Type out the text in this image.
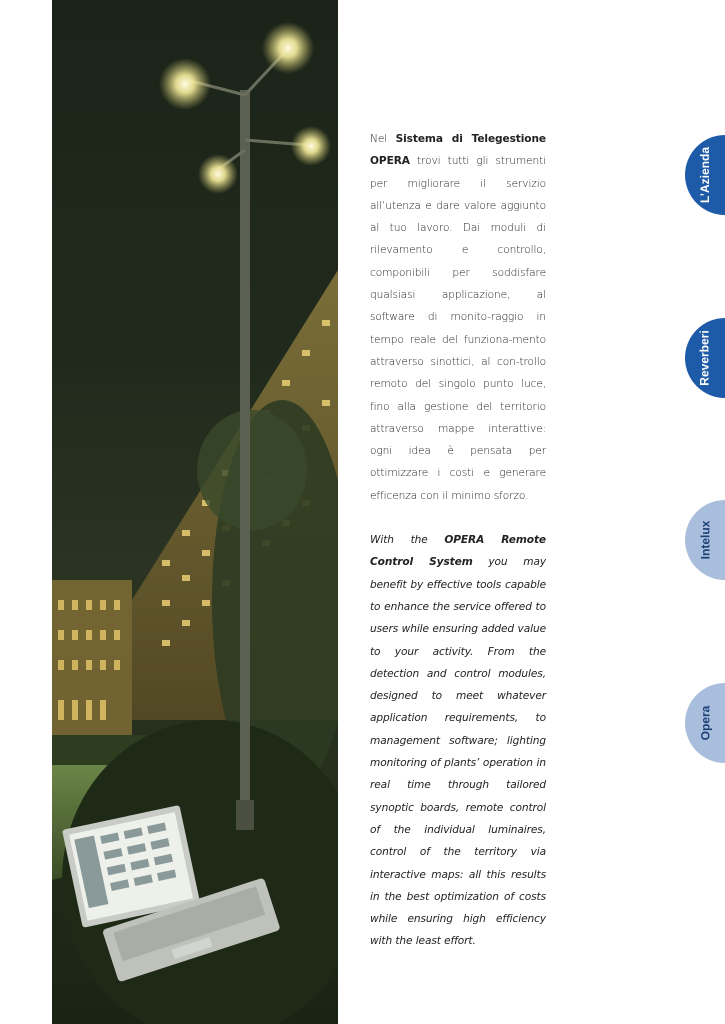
Nel Sistema di Telegestione OPERA trovi tutti gli strumenti per migliorare il servizio all’utenza e dare valore aggiunto al tuo lavoro. Dai moduli di rilevamento e controllo, componibili per soddisfare qualsiasi applicazione, al software di monito-raggio in tempo reale del funziona-mento attraverso sinottici, al con-trollo remoto del singolo punto luce, fino alla gestione del territorio attraverso mappe interattive: ogni idea è pensata per ottimizzare i costi e generare efficenza con il minimo sforzo.

With the OPERA Remote Control System you may benefit by effective tools capable to enhance the service offered to users while ensuring added value to your activity. From the detection and control modules, designed to meet whatever application requirements, to management software; lighting monitoring of plants’ operation in real time through tailored synoptic boards, remote control of the individual luminaires, control of the territory via interactive maps: all this results in the best optimization of costs while ensuring high efficiency with the least effort.

L’Azienda
Reverberi
Intelux
Opera
